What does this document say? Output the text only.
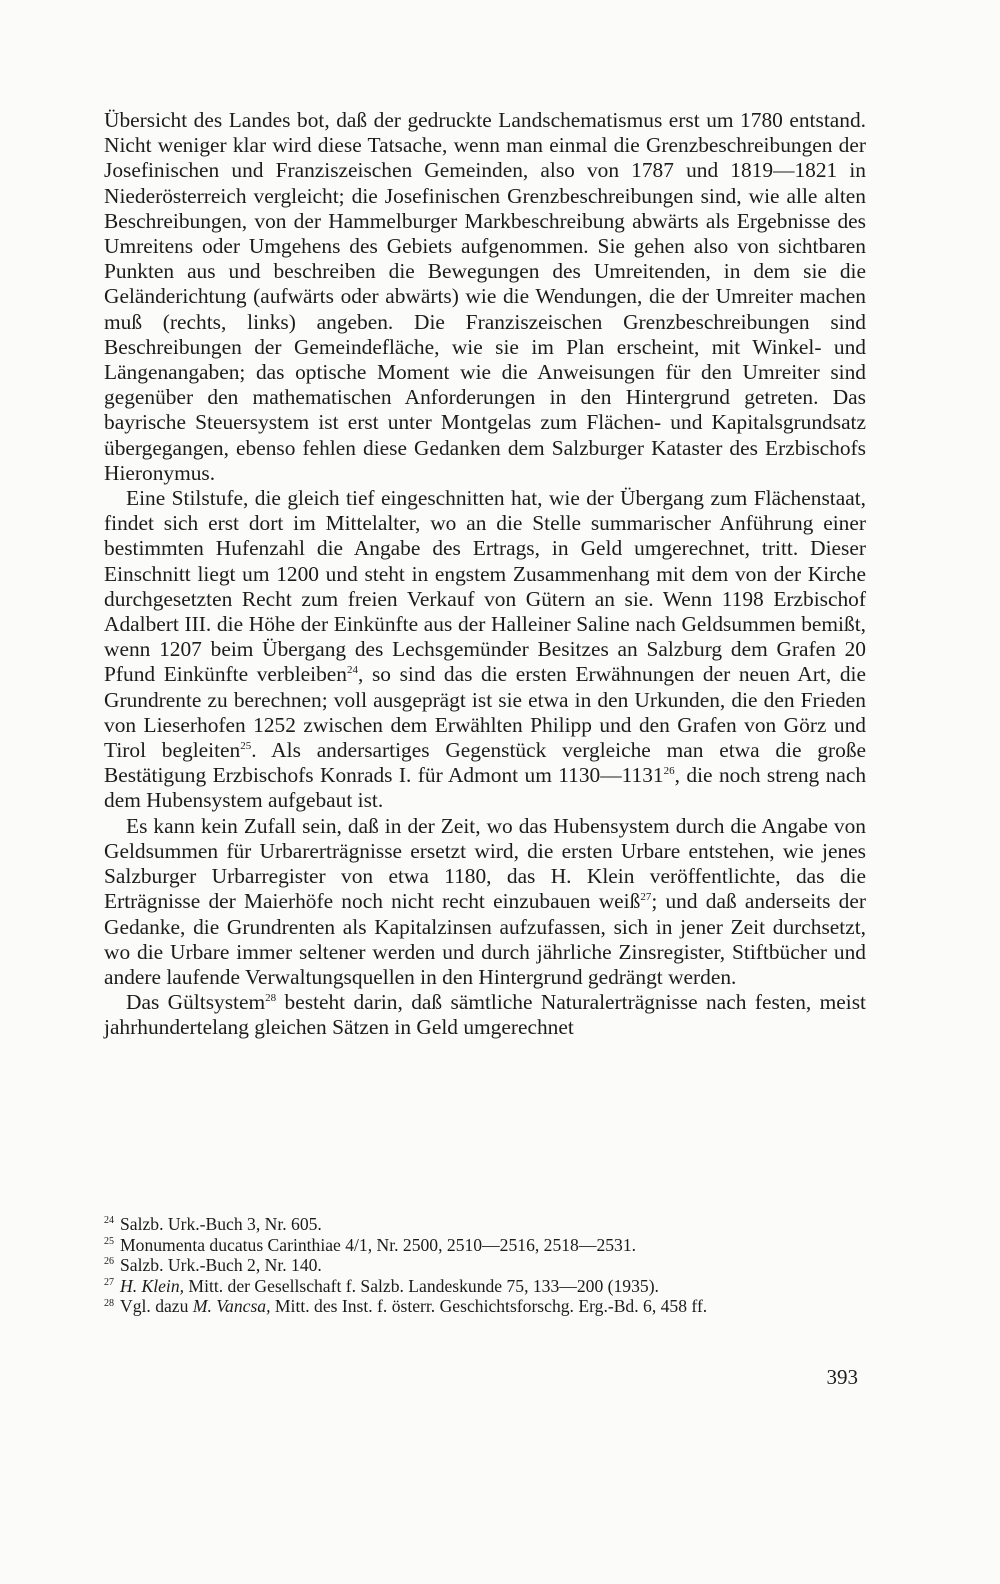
Übersicht des Landes bot, daß der gedruckte Landschematismus erst um 1780 entstand. Nicht weniger klar wird diese Tatsache, wenn man einmal die Grenzbeschreibungen der Josefinischen und Franziszeischen Gemeinden, also von 1787 und 1819—1821 in Niederösterreich vergleicht; die Josefinischen Grenzbeschreibungen sind, wie alle alten Beschreibungen, von der Hammelburger Markbeschreibung abwärts als Ergebnisse des Umreitens oder Umgehens des Gebiets aufgenommen. Sie gehen also von sichtbaren Punkten aus und beschreiben die Bewegungen des Umreitenden, in dem sie die Geländerichtung (aufwärts oder abwärts) wie die Wendungen, die der Umreiter machen muß (rechts, links) angeben. Die Franziszeischen Grenzbeschreibungen sind Beschreibungen der Gemeindefläche, wie sie im Plan erscheint, mit Winkel- und Längenangaben; das optische Moment wie die Anweisungen für den Umreiter sind gegenüber den mathematischen Anforderungen in den Hintergrund getreten. Das bayrische Steuersystem ist erst unter Montgelas zum Flächen- und Kapitalsgrundsatz übergegangen, ebenso fehlen diese Gedanken dem Salzburger Kataster des Erzbischofs Hieronymus.

Eine Stilstufe, die gleich tief eingeschnitten hat, wie der Übergang zum Flächenstaat, findet sich erst dort im Mittelalter, wo an die Stelle summarischer Anführung einer bestimmten Hufenzahl die Angabe des Ertrags, in Geld umgerechnet, tritt. Dieser Einschnitt liegt um 1200 und steht in engstem Zusammenhang mit dem von der Kirche durchgesetzten Recht zum freien Verkauf von Gütern an sie. Wenn 1198 Erzbischof Adalbert III. die Höhe der Einkünfte aus der Halleiner Saline nach Geldsummen bemißt, wenn 1207 beim Übergang des Lechsgemünder Besitzes an Salzburg dem Grafen 20 Pfund Einkünfte verbleiben$^{24}$, so sind das die ersten Erwähnungen der neuen Art, die Grundrente zu berechnen; voll ausgeprägt ist sie etwa in den Urkunden, die den Frieden von Lieserhofen 1252 zwischen dem Erwählten Philipp und den Grafen von Görz und Tirol begleiten$^{25}$. Als andersartiges Gegenstück vergleiche man etwa die große Bestätigung Erzbischofs Konrads I. für Admont um 1130—1131$^{26}$, die noch streng nach dem Hubensystem aufgebaut ist.

Es kann kein Zufall sein, daß in der Zeit, wo das Hubensystem durch die Angabe von Geldsummen für Urbarerträgnisse ersetzt wird, die ersten Urbare entstehen, wie jenes Salzburger Urbarregister von etwa 1180, das H. Klein veröffentlichte, das die Erträgnisse der Maierhöfe noch nicht recht einzubauen weiß$^{27}$; und daß anderseits der Gedanke, die Grundrenten als Kapitalzinsen aufzufassen, sich in jener Zeit durchsetzt, wo die Urbare immer seltener werden und durch jährliche Zinsregister, Stiftbücher und andere laufende Verwaltungsquellen in den Hintergrund gedrängt werden.

Das Gültsystem$^{28}$ besteht darin, daß sämtliche Naturalerträgnisse nach festen, meist jahrhundertelang gleichen Sätzen in Geld umgerechnet

24 Salzb. Urk.-Buch 3, Nr. 605.

25 Monumenta ducatus Carinthiae 4/1, Nr. 2500, 2510—2516, 2518—2531.

26 Salzb. Urk.-Buch 2, Nr. 140.

27 H. Klein, Mitt. der Gesellschaft f. Salzb. Landeskunde 75, 133—200 (1935).

28 Vgl. dazu M. Vancsa, Mitt. des Inst. f. österr. Geschichtsforschg. Erg.-Bd. 6, 458 ff.

393
